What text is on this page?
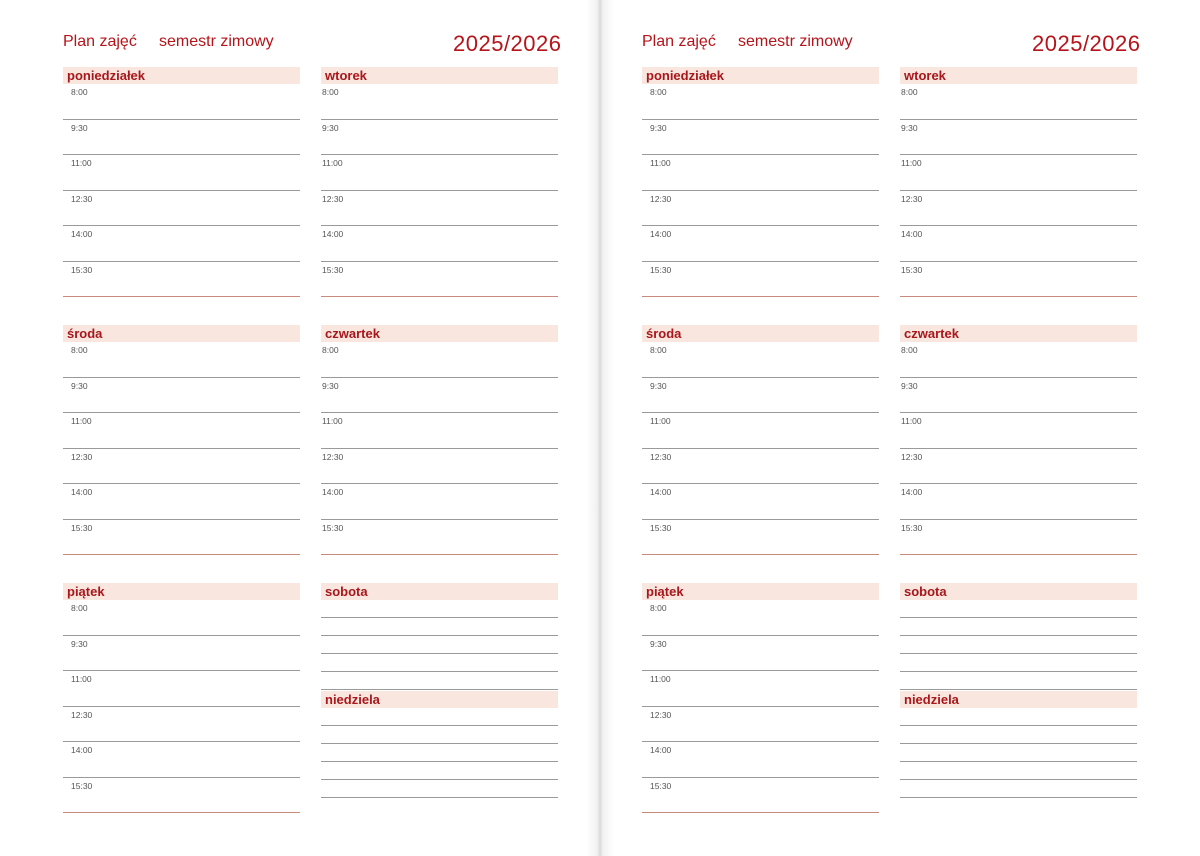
Plan zajęć semestr zimowy	2025/2026
poniedziałek
8:00
9:30
11:00
12:30
14:00
15:30
wtorek
8:00
9:30
11:00
12:30
14:00
15:30
środa
8:00
9:30
11:00
12:30
14:00
15:30
czwartek
8:00
9:30
11:00
12:30
14:00
15:30
piątek
8:00
9:30
11:00
12:30
14:00
15:30
sobota
niedziela
Plan zajęć semestr zimowy	2025/2026
poniedziałek
8:00
9:30
11:00
12:30
14:00
15:30
wtorek
8:00
9:30
11:00
12:30
14:00
15:30
środa
8:00
9:30
11:00
12:30
14:00
15:30
czwartek
8:00
9:30
11:00
12:30
14:00
15:30
piątek
8:00
9:30
11:00
12:30
14:00
15:30
sobota
niedziela
